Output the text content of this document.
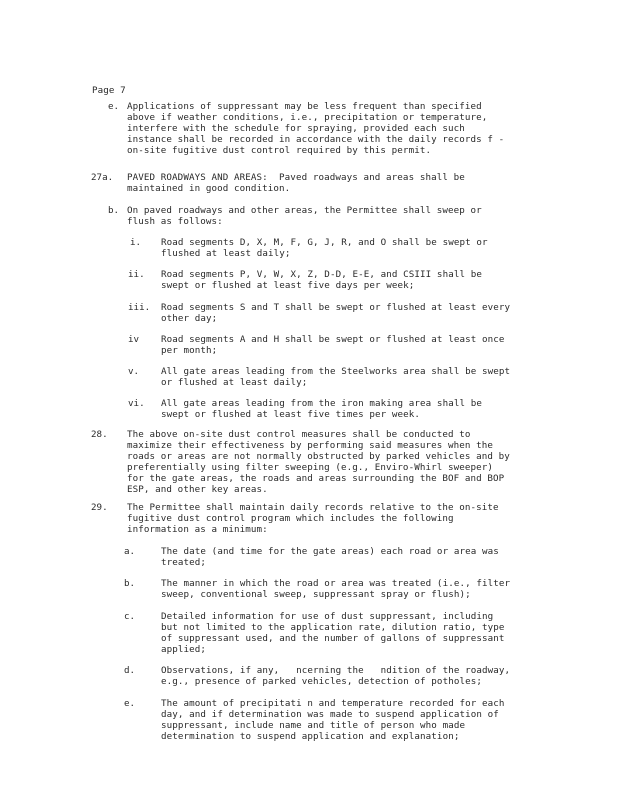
Page 7
e. Applications of suppressant may be less frequent than specified
above if weather conditions, i.e., precipitation or temperature,
interfere with the schedule for spraying, provided each such
instance shall be recorded in accordance with the daily records f -
on-site fugitive dust control required by this permit.
27a. PAVED ROADWAYS AND AREAS:  Paved roadways and areas shall be
maintained in good condition.
b. On paved roadways and other areas, the Permittee shall sweep or
flush as follows:
i. Road segments D, X, M, F, G, J, R, and O shall be swept or
flushed at least daily;
ii. Road segments P, V, W, X, Z, D-D, E-E, and CSIII shall be
swept or flushed at least five days per week;
iii. Road segments S and T shall be swept or flushed at least every
other day;
iv Road segments A and H shall be swept or flushed at least once
per month;
v. All gate areas leading from the Steelworks area shall be swept
or flushed at least daily;
vi. All gate areas leading from the iron making area shall be
swept or flushed at least five times per week.
28. The above on-site dust control measures shall be conducted to
maximize their effectiveness by performing said measures when the
roads or areas are not normally obstructed by parked vehicles and by
preferentially using filter sweeping (e.g., Enviro-Whirl sweeper)
for the gate areas, the roads and areas surrounding the BOF and BOP
ESP, and other key areas.
29. The Permittee shall maintain daily records relative to the on-site
fugitive dust control program which includes the following
information as a minimum:
a.	The date (and time for the gate areas) each road or area was
treated;
b.	The manner in which the road or area was treated (i.e., filter
sweep, conventional sweep, suppressant spray or flush);
c.	Detailed information for use of dust suppressant, including
but not limited to the application rate, dilution ratio, type
of suppressant used, and the number of gallons of suppressant
applied;
d.	Observations, if any,   ncerning the   ndition of the roadway,
e.g., presence of parked vehicles, detection of potholes;
e.	The amount of precipitati n and temperature recorded for each
day, and if determination was made to suspend application of
suppressant, include name and title of person who made
determination to suspend application and explanation;
